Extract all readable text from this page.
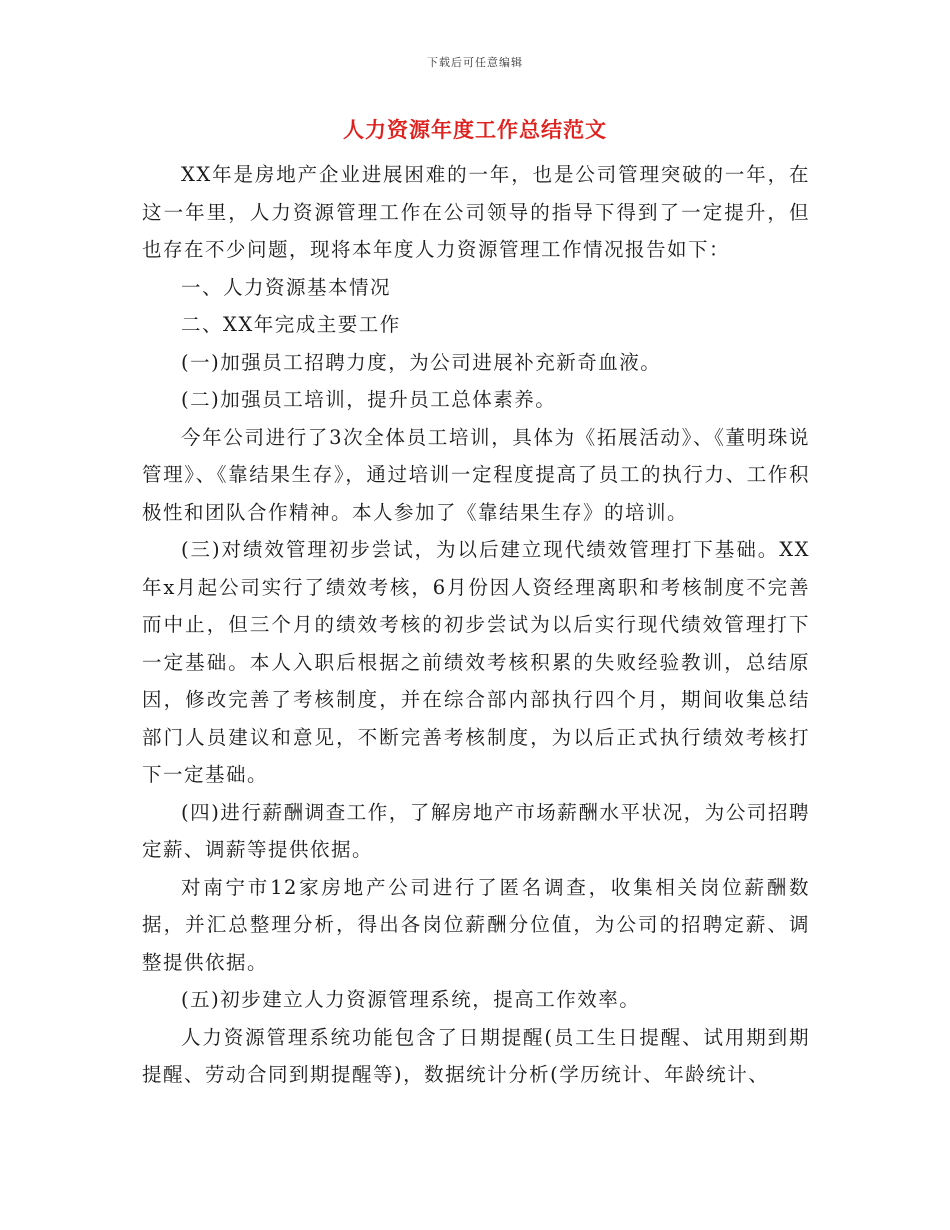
下载后可任意编辑
人力资源年度工作总结范文

XX年是房地产企业进展困难的一年，也是公司管理突破的一年，在这一年里，人力资源管理工作在公司领导的指导下得到了一定提升，但也存在不少问题，现将本年度人力资源管理工作情况报告如下：

一、人力资源基本情况

二、XX年完成主要工作

(一)加强员工招聘力度，为公司进展补充新奇血液。

(二)加强员工培训，提升员工总体素养。

今年公司进行了3次全体员工培训，具体为《拓展活动》、《董明珠说管理》、《靠结果生存》，通过培训一定程度提高了员工的执行力、工作积极性和团队合作精神。本人参加了《靠结果生存》的培训。

(三)对绩效管理初步尝试，为以后建立现代绩效管理打下基础。XX年x月起公司实行了绩效考核，6月份因人资经理离职和考核制度不完善而中止，但三个月的绩效考核的初步尝试为以后实行现代绩效管理打下一定基础。本人入职后根据之前绩效考核积累的失败经验教训，总结原因，修改完善了考核制度，并在综合部内部执行四个月，期间收集总结部门人员建议和意见，不断完善考核制度，为以后正式执行绩效考核打下一定基础。

(四)进行薪酬调查工作，了解房地产市场薪酬水平状况，为公司招聘定薪、调薪等提供依据。

对南宁市12家房地产公司进行了匿名调查，收集相关岗位薪酬数据，并汇总整理分析，得出各岗位薪酬分位值，为公司的招聘定薪、调整提供依据。

(五)初步建立人力资源管理系统，提高工作效率。

人力资源管理系统功能包含了日期提醒(员工生日提醒、试用期到期提醒、劳动合同到期提醒等)，数据统计分析(学历统计、年龄统计、
